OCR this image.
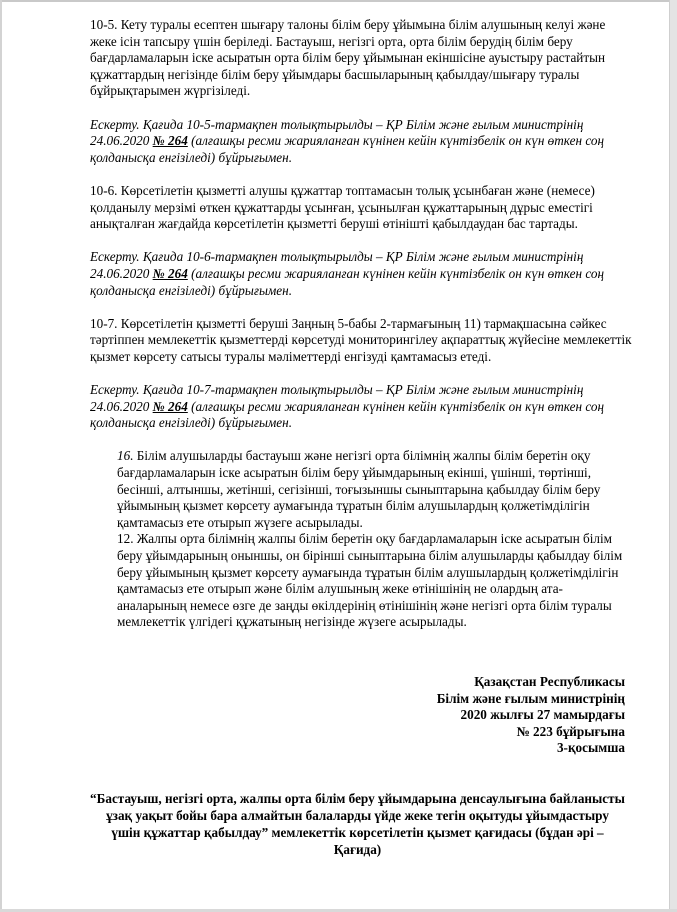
10-5. Кету туралы есептен шығару талоны білім беру ұйымына білім алушының келуі және жеке ісін тапсыру үшін беріледі. Бастауыш, негізгі орта, орта білім берудің білім беру бағдарламаларын іске асыратын орта білім беру ұйымынан екіншісіне ауыстыру растайтын құжаттардың негізінде білім беру ұйымдары басшыларының қабылдау/шығару туралы бұйрықтарымен жүргізіледі.

Ескерту. Қағида 10-5-тармақпен толықтырылды – ҚР Білім және ғылым министрінің 24.06.2020 № 264 (алғашқы ресми жарияланған күнінен кейін күнтізбелік он күн өткен соң қолданысқа енгізіледі) бұйрығымен.

10-6. Көрсетілетін қызметті алушы құжаттар топтамасын толық ұсынбаған және (немесе) қолданылу мерзімі өткен құжаттарды ұсынған, ұсынылған құжаттарының дұрыс еместігі анықталған жағдайда көрсетілетін қызметті беруші өтінішті қабылдаудан бас тартады.

Ескерту. Қағида 10-6-тармақпен толықтырылды – ҚР Білім және ғылым министрінің 24.06.2020 № 264 (алғашқы ресми жарияланған күнінен кейін күнтізбелік он күн өткен соң қолданысқа енгізіледі) бұйрығымен.

10-7. Көрсетілетін қызметті беруші Заңның 5-бабы 2-тармағының 11) тармақшасына сәйкес тәртіппен мемлекеттік қызметтерді көрсетуді мониторингілеу ақпараттық жүйесіне мемлекеттік қызмет көрсету сатысы туралы мәліметтерді енгізуді қамтамасыз етеді.

Ескерту. Қағида 10-7-тармақпен толықтырылды – ҚР Білім және ғылым министрінің 24.06.2020 № 264 (алғашқы ресми жарияланған күнінен кейін күнтізбелік он күн өткен соң қолданысқа енгізіледі) бұйрығымен.

16. Білім алушыларды бастауыш және негізгі орта білімнің жалпы білім беретін оқу бағдарламаларын іске асыратын білім беру ұйымдарының екінші, үшінші, төртінші, бесінші, алтыншы, жетінші, сегізінші, тоғызыншы сыныптарына қабылдау білім беру ұйымының қызмет көрсету аумағында тұратын білім алушылардың қолжетімділігін қамтамасыз ете отырып жүзеге асырылады.

12. Жалпы орта білімнің жалпы білім беретін оқу бағдарламаларын іске асыратын білім беру ұйымдарының оныншы, он бірінші сыныптарына білім алушыларды қабылдау білім беру ұйымының қызмет көрсету аумағында тұратын білім алушылардың қолжетімділігін қамтамасыз ете отырып және білім алушының жеке өтінішінің не олардың ата-аналарының немесе өзге де заңды өкілдерінің өтінішінің және негізгі орта білім туралы мемлекеттік үлгідегі құжатының негізінде жүзеге асырылады.

Қазақстан Республикасы
Білім және ғылым министрінің
2020 жылғы 27 мамырдағы
№ 223 бұйрығына
3-қосымша
“Бастауыш, негізгі орта, жалпы орта білім беру ұйымдарына денсаулығына байланысты ұзақ уақыт бойы бара алмайтын балаларды үйде жеке тегін оқытуды ұйымдастыру үшін құжаттар қабылдау” мемлекеттік көрсетілетін қызмет қағидасы (бұдан әрі – Қағида)
